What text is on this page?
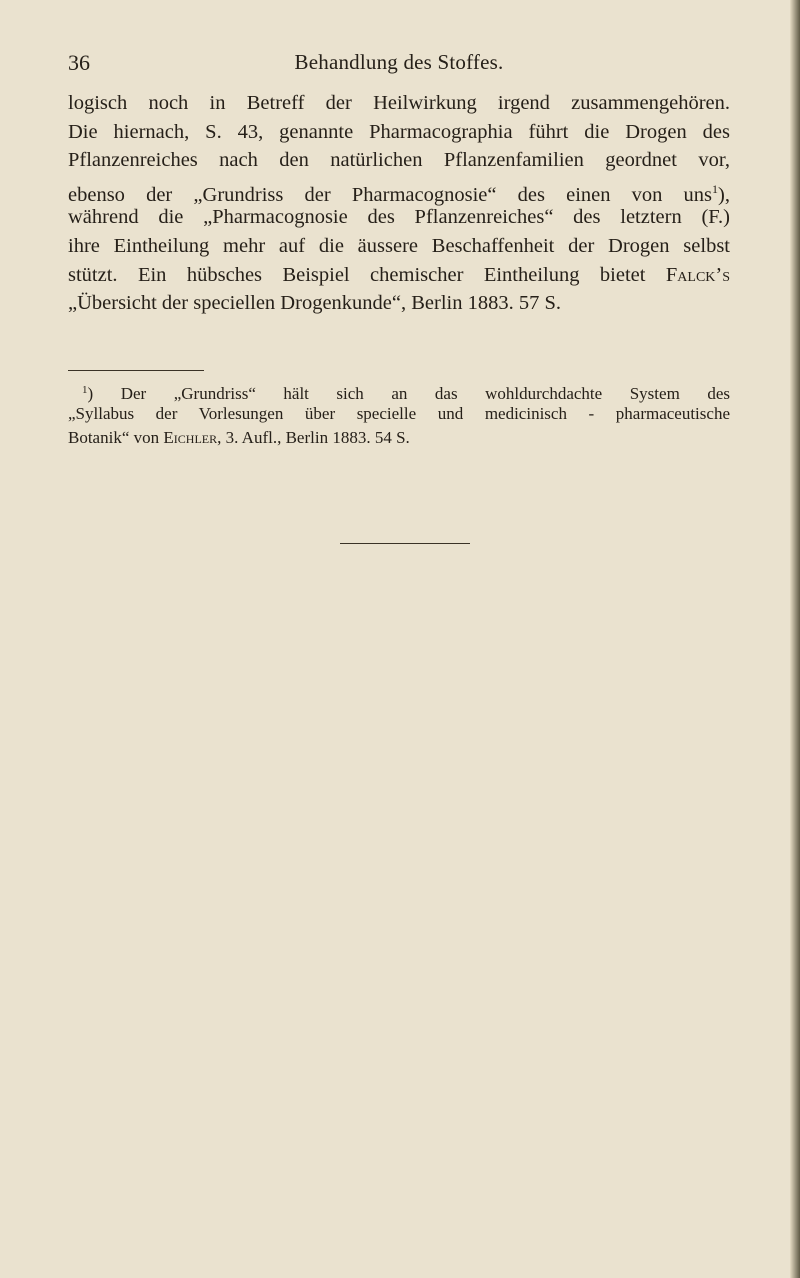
36	Behandlung des Stoffes.
logisch noch in Betreff der Heilwirkung irgend zusammengehören.
Die hiernach, S. 43, genannte Pharmacographia führt die Drogen des
Pflanzenreiches nach den natürlichen Pflanzenfamilien geordnet vor,
ebenso der „Grundriss der Pharmacognosie“ des einen von uns$^1$),
während die „Pharmacognosie des Pflanzenreiches“ des letztern (F.)
ihre Eintheilung mehr auf die äussere Beschaffenheit der Drogen selbst
stützt. Ein hübsches Beispiel chemischer Eintheilung bietet Falck’s
„Übersicht der speciellen Drogenkunde“, Berlin 1883. 57 S.
$^1$) Der „Grundriss“ hält sich an das wohldurchdachte System des
„Syllabus der Vorlesungen über specielle und medicinisch - pharmaceutische
Botanik“ von Eichler, 3. Aufl., Berlin 1883. 54 S.
